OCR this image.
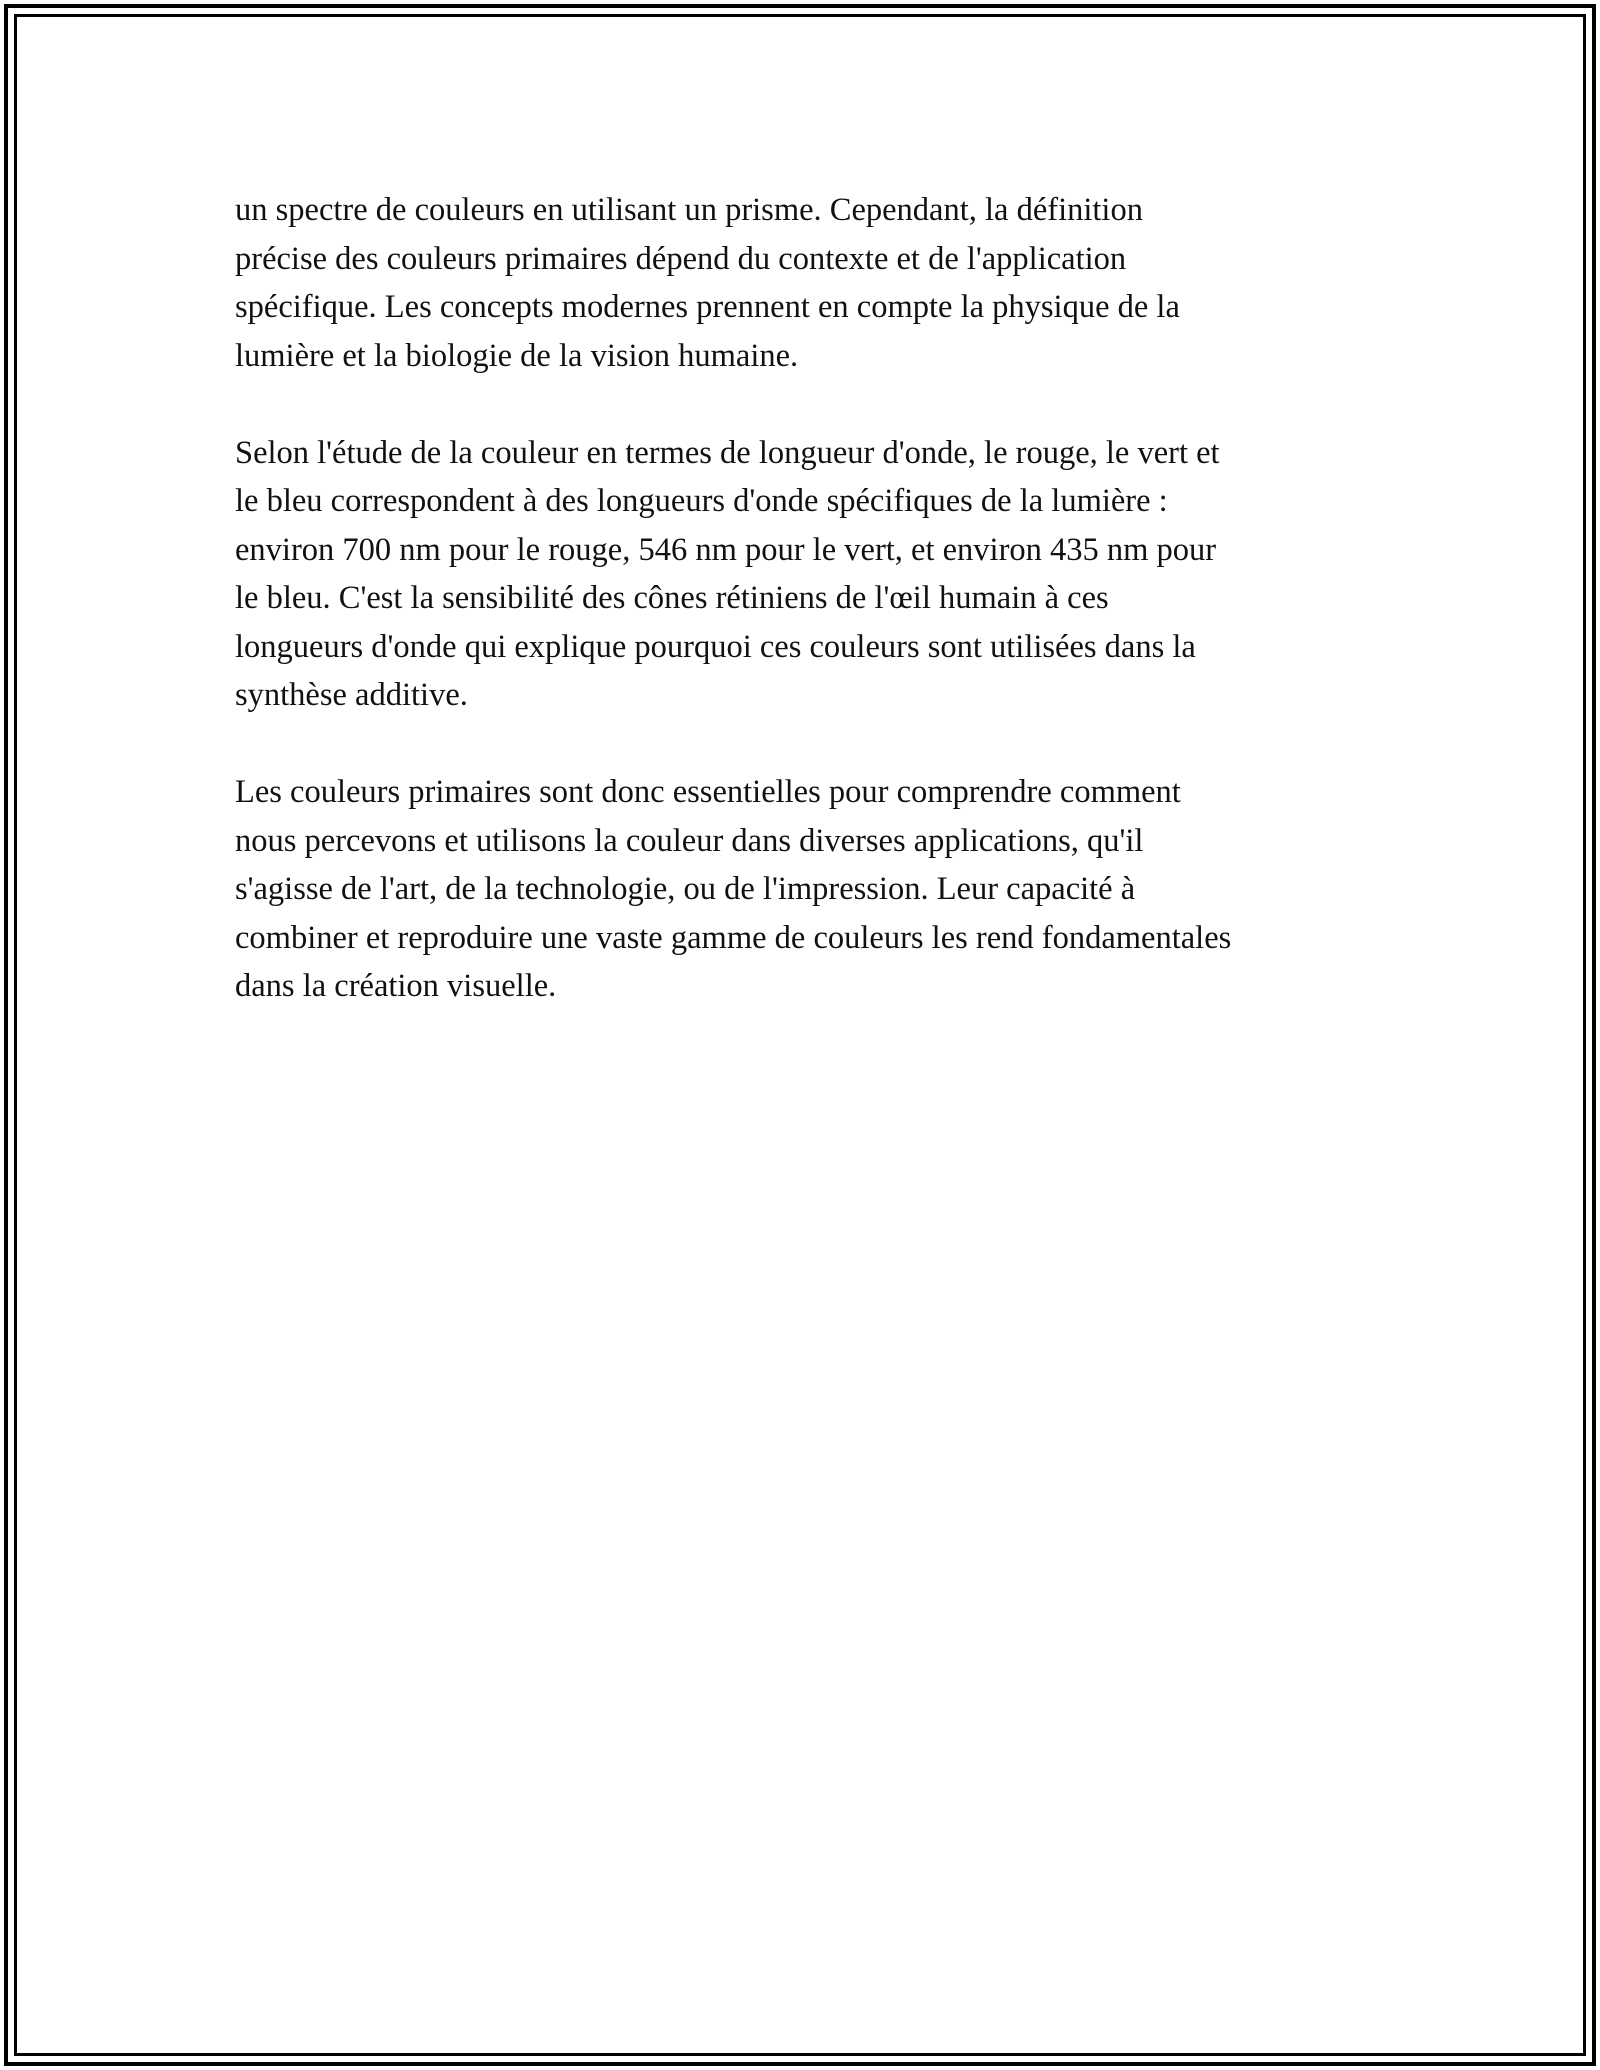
un spectre de couleurs en utilisant un prisme. Cependant, la définition
précise des couleurs primaires dépend du contexte et de l'application
spécifique. Les concepts modernes prennent en compte la physique de la
lumière et la biologie de la vision humaine.

Selon l'étude de la couleur en termes de longueur d'onde, le rouge, le vert et
le bleu correspondent à des longueurs d'onde spécifiques de la lumière :
environ 700 nm pour le rouge, 546 nm pour le vert, et environ 435 nm pour
le bleu. C'est la sensibilité des cônes rétiniens de l'œil humain à ces
longueurs d'onde qui explique pourquoi ces couleurs sont utilisées dans la
synthèse additive.

Les couleurs primaires sont donc essentielles pour comprendre comment
nous percevons et utilisons la couleur dans diverses applications, qu'il
s'agisse de l'art, de la technologie, ou de l'impression. Leur capacité à
combiner et reproduire une vaste gamme de couleurs les rend fondamentales
dans la création visuelle.
